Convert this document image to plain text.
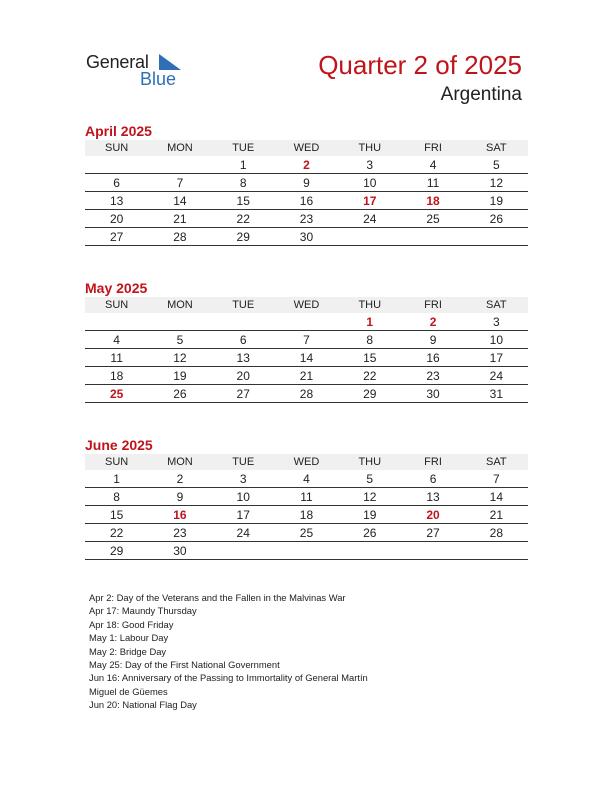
General
Blue	Quarter 2 of 2025
Argentina
April 2025
SUN	MON	TUE	WED	THU	FRI	SAT
		1	2	3	4	5
6	7	8	9	10	11	12
13	14	15	16	17	18	19
20	21	22	23	24	25	26
27	28	29	30			
May 2025
SUN	MON	TUE	WED	THU	FRI	SAT
				1	2	3
4	5	6	7	8	9	10
11	12	13	14	15	16	17
18	19	20	21	22	23	24
25	26	27	28	29	30	31
June 2025
SUN	MON	TUE	WED	THU	FRI	SAT
1	2	3	4	5	6	7
8	9	10	11	12	13	14
15	16	17	18	19	20	21
22	23	24	25	26	27	28
29	30					
Apr 2: Day of the Veterans and the Fallen in the Malvinas War
Apr 17: Maundy Thursday
Apr 18: Good Friday
May 1: Labour Day
May 2: Bridge Day
May 25: Day of the First National Government
Jun 16: Anniversary of the Passing to Immortality of General Martín
Miguel de Güemes
Jun 20: National Flag Day
